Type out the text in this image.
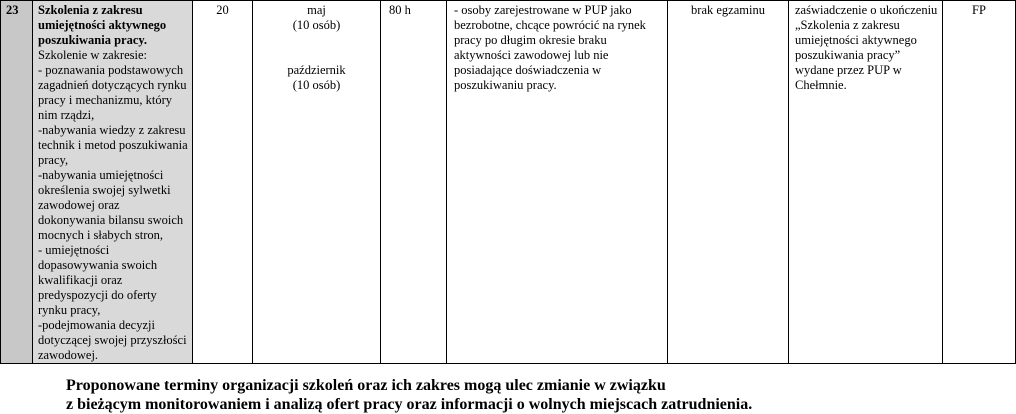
23	Szkolenia z zakresu umiejętności aktywnego poszukiwania pracy.
Szkolenie w zakresie:
- poznawania podstawowych zagadnień dotyczących rynku pracy i mechanizmu, który nim rządzi,
-nabywania wiedzy z zakresu technik i metod poszukiwania pracy,
-nabywania umiejętności określenia swojej sylwetki zawodowej oraz dokonywania bilansu swoich mocnych i słabych stron,
- umiejętności dopasowywania swoich kwalifikacji oraz predyspozycji do oferty rynku pracy,
-podejmowania decyzji dotyczącej swojej przyszłości zawodowej.
	20	maj
(10 osób)
październik
(10 osób)
	80 h	- osoby zarejestrowane w PUP jako bezrobotne, chcące powrócić na rynek pracy po długim okresie braku aktywności zawodowej lub nie posiadające doświadczenia w poszukiwaniu pracy.	brak egzaminu	zaświadczenie o ukończeniu „Szkolenia z zakresu umiejętności aktywnego poszukiwania pracy” wydane przez PUP w Chełmnie.	FP
Proponowane terminy organizacji szkoleń oraz ich zakres mogą ulec zmianie w związku
z bieżącym monitorowaniem i analizą ofert pracy oraz informacji o wolnych miejscach zatrudnienia.
